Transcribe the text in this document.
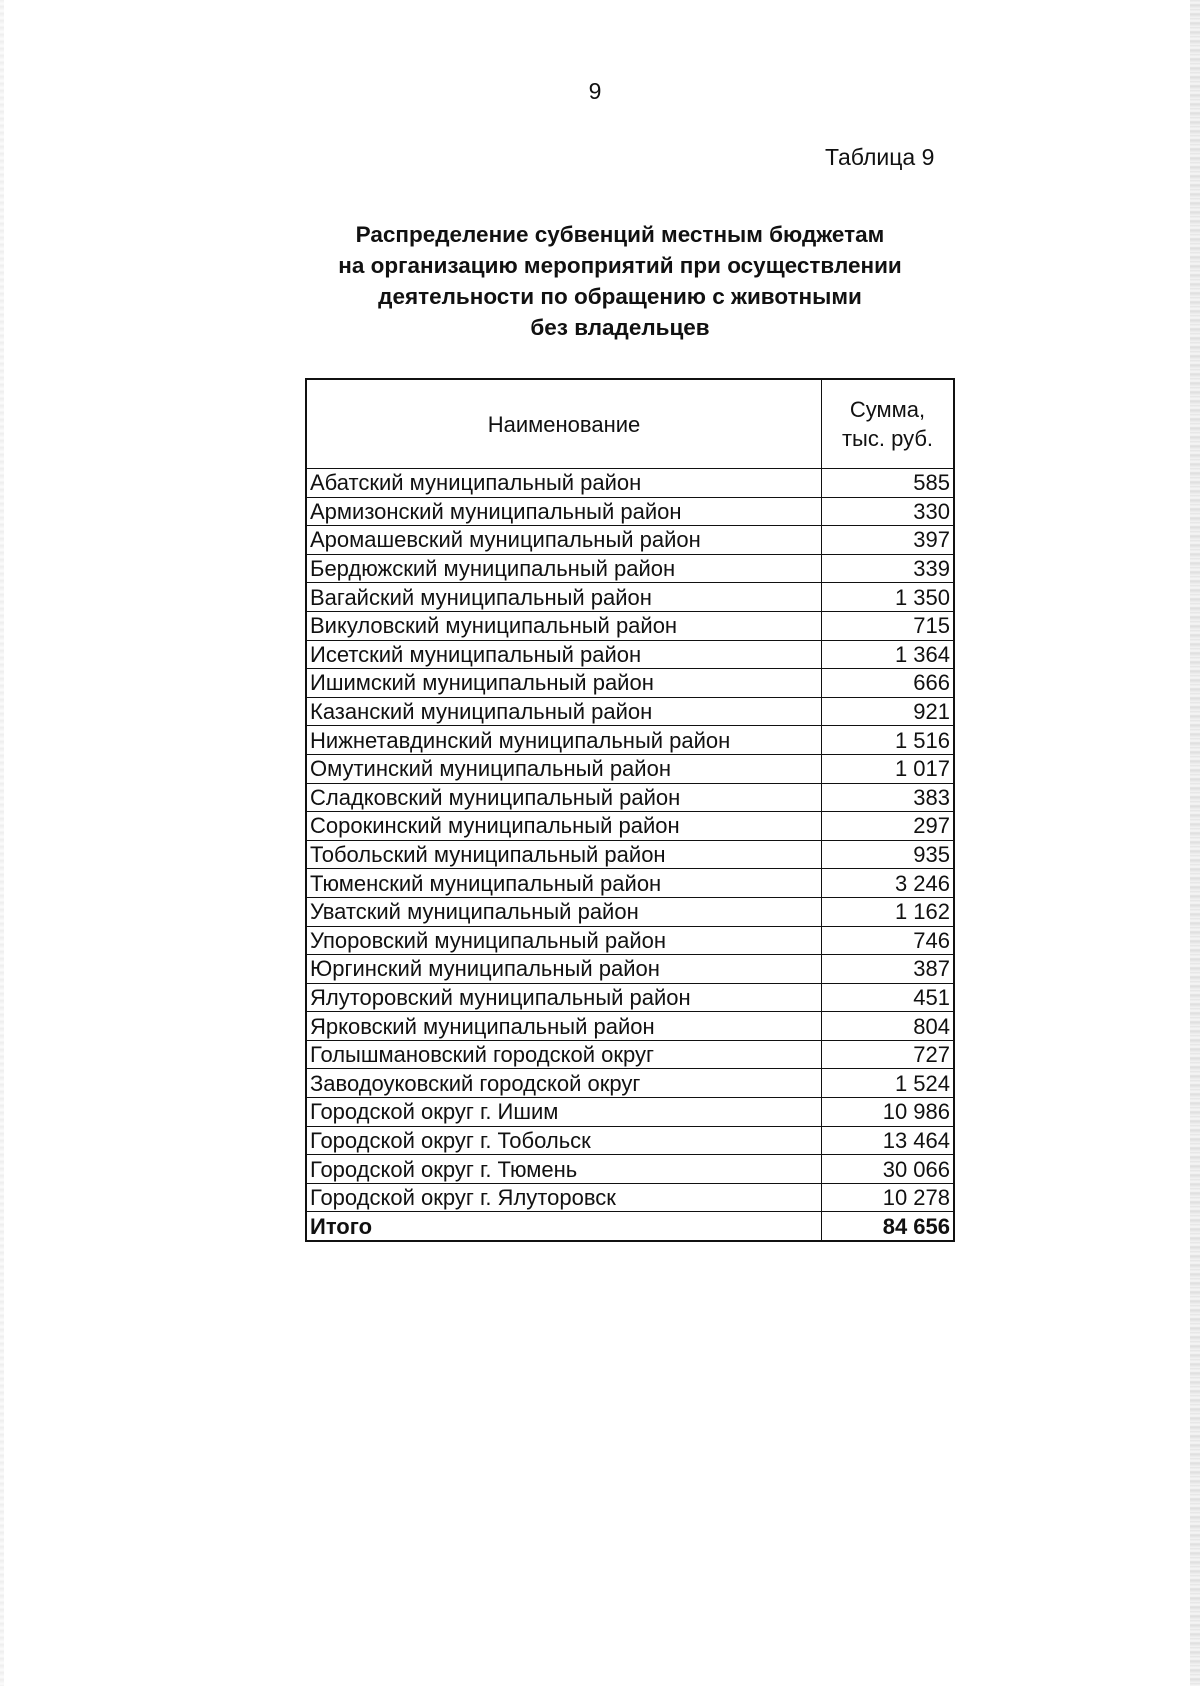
9
Таблица 9
Распределение субвенций местным бюджетам
на организацию мероприятий при осуществлении
деятельности по обращению с животными
без владельцев
Наименование	Сумма,
тыс. руб.

Абатский муниципальный район	585
Армизонский муниципальный район	330
Аромашевский муниципальный район	397
Бердюжский муниципальный район	339
Вагайский муниципальный район	1 350
Викуловский муниципальный район	715
Исетский муниципальный район	1 364
Ишимский муниципальный район	666
Казанский муниципальный район	921
Нижнетавдинский муниципальный район	1 516
Омутинский муниципальный район	1 017
Сладковский муниципальный район	383
Сорокинский муниципальный район	297
Тобольский муниципальный район	935
Тюменский муниципальный район	3 246
Уватский муниципальный район	1 162
Упоровский муниципальный район	746
Юргинский муниципальный район	387
Ялуторовский муниципальный район	451
Ярковский муниципальный район	804
Голышмановский городской округ	727
Заводоуковский городской округ	1 524
Городской округ г. Ишим	10 986
Городской округ г. Тобольск	13 464
Городской округ г. Тюмень	30 066
Городской округ г. Ялуторовск	10 278
Итого	84 656
